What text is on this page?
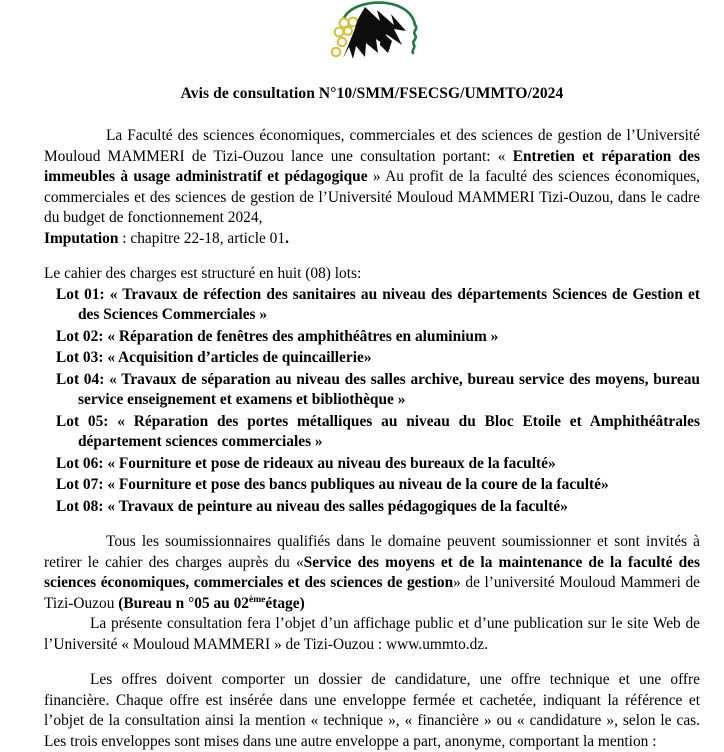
Avis de consultation N°10/SMM/FSECSG/UMMTO/2024

La Faculté des sciences économiques, commerciales et des sciences de gestion de l’Université Mouloud MAMMERI de Tizi-Ouzou lance une consultation portant: « Entretien et réparation des immeubles à usage administratif et pédagogique » Au profit de la faculté des sciences économiques, commerciales et des sciences de gestion de l’Université Mouloud MAMMERI Tizi-Ouzou, dans le cadre du budget de fonctionnement 2024,

Imputation : chapitre 22-18, article 01.

Le cahier des charges est structuré en huit (08) lots:

Lot 01: « Travaux de réfection des sanitaires au niveau des départements Sciences de Gestion et des Sciences Commerciales »

Lot 02: « Réparation de fenêtres des amphithéâtres en aluminium »

Lot 03: « Acquisition d’articles de quincaillerie»

Lot 04: « Travaux de séparation au niveau des salles archive, bureau service des moyens, bureau service enseignement et examens et bibliothèque »

Lot 05: « Réparation des portes métalliques au niveau du Bloc Etoile et Amphithéâtrales département sciences commerciales »

Lot 06: « Fourniture et pose de rideaux au niveau des bureaux de la faculté»

Lot 07: « Fourniture et pose des bancs publiques au niveau de la coure de la faculté»

Lot 08: « Travaux de peinture au niveau des salles pédagogiques de la faculté»

Tous les soumissionnaires qualifiés dans le domaine peuvent soumissionner et sont invités à retirer le cahier des charges auprès du «Service des moyens et de la maintenance de la faculté des sciences économiques, commerciales et des sciences de gestion» de l’université Mouloud Mammeri de Tizi-Ouzou (Bureau n °05 au 02èmeétage)

La présente consultation fera l’objet d’un affichage public et d’une publication sur le site Web de l’Université « Mouloud MAMMERI » de Tizi-Ouzou : www.ummto.dz.

Les offres doivent comporter un dossier de candidature, une offre technique et une offre financière. Chaque offre est insérée dans une enveloppe fermée et cachetée, indiquant la référence et l’objet de la consultation ainsi la mention « technique », « financière » ou « candidature », selon le cas. Les trois enveloppes sont mises dans une autre enveloppe a part, anonyme, comportant la mention :
